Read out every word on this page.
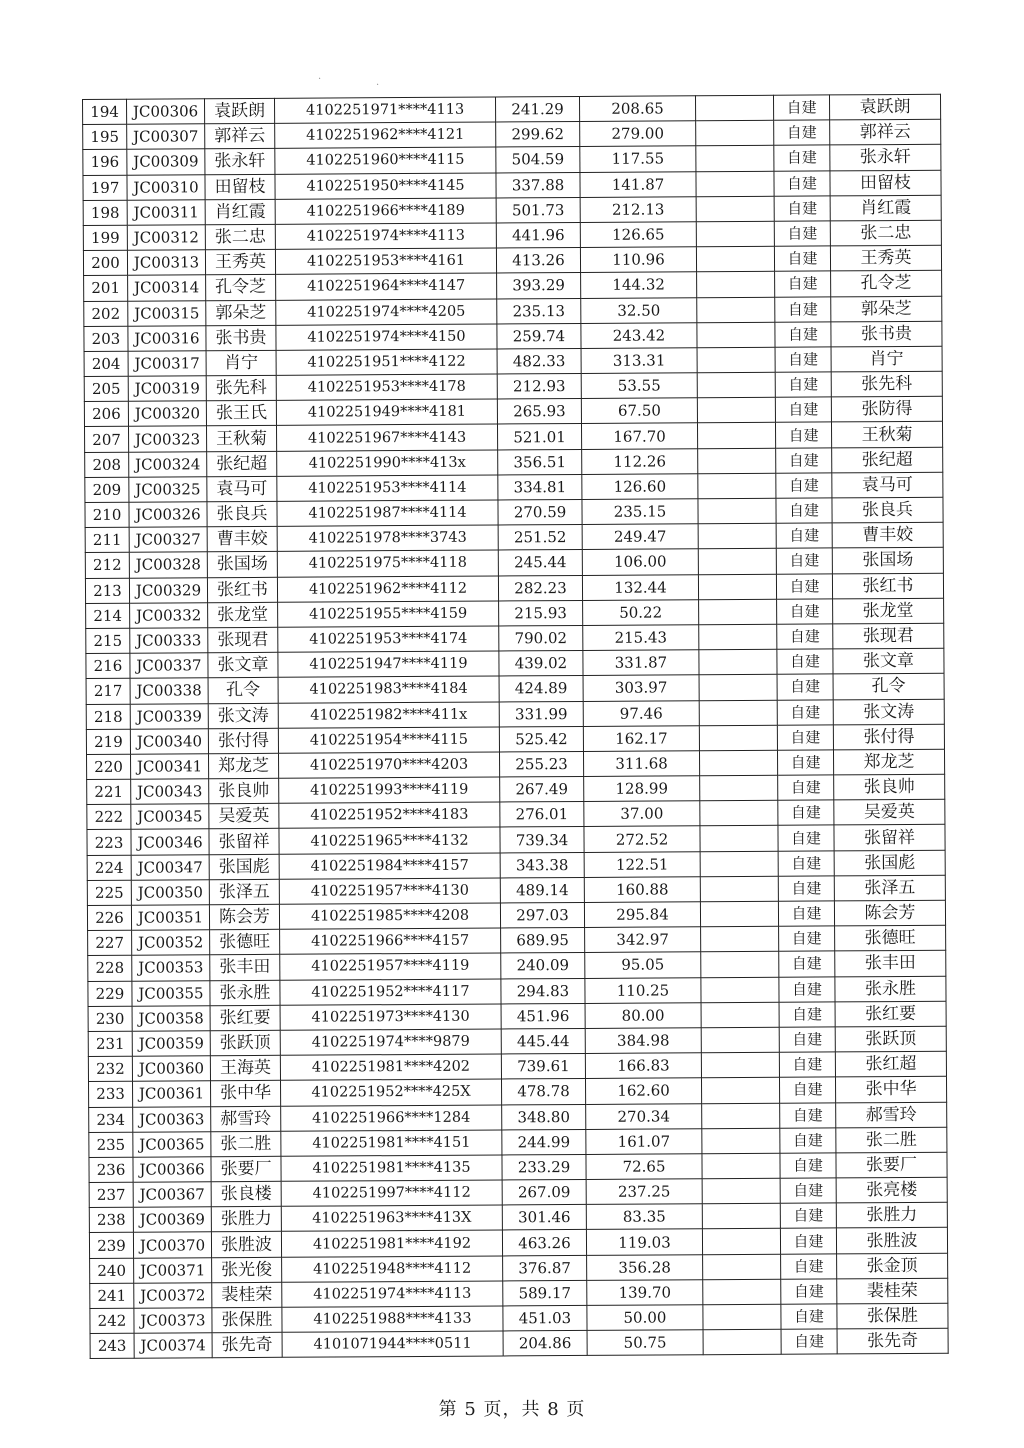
·
·
194	JC00306	袁跃朗	4102251971****4113	241.29	208.65		自建	袁跃朗
195	JC00307	郭祥云	4102251962****4121	299.62	279.00		自建	郭祥云
196	JC00309	张永轩	4102251960****4115	504.59	117.55		自建	张永轩
197	JC00310	田留枝	4102251950****4145	337.88	141.87		自建	田留枝
198	JC00311	肖红霞	4102251966****4189	501.73	212.13		自建	肖红霞
199	JC00312	张二忠	4102251974****4113	441.96	126.65		自建	张二忠
200	JC00313	王秀英	4102251953****4161	413.26	110.96		自建	王秀英
201	JC00314	孔令芝	4102251964****4147	393.29	144.32		自建	孔令芝
202	JC00315	郭朵芝	4102251974****4205	235.13	32.50		自建	郭朵芝
203	JC00316	张书贵	4102251974****4150	259.74	243.42		自建	张书贵
204	JC00317	肖宁	4102251951****4122	482.33	313.31		自建	肖宁
205	JC00319	张先科	4102251953****4178	212.93	53.55		自建	张先科
206	JC00320	张王氏	4102251949****4181	265.93	67.50		自建	张防得
207	JC00323	王秋菊	4102251967****4143	521.01	167.70		自建	王秋菊
208	JC00324	张纪超	4102251990****413x	356.51	112.26		自建	张纪超
209	JC00325	袁马可	4102251953****4114	334.81	126.60		自建	袁马可
210	JC00326	张良兵	4102251987****4114	270.59	235.15		自建	张良兵
211	JC00327	曹丰姣	4102251978****3743	251.52	249.47		自建	曹丰姣
212	JC00328	张国场	4102251975****4118	245.44	106.00		自建	张国场
213	JC00329	张红书	4102251962****4112	282.23	132.44		自建	张红书
214	JC00332	张龙堂	4102251955****4159	215.93	50.22		自建	张龙堂
215	JC00333	张现君	4102251953****4174	790.02	215.43		自建	张现君
216	JC00337	张文章	4102251947****4119	439.02	331.87		自建	张文章
217	JC00338	孔令	4102251983****4184	424.89	303.97		自建	孔令
218	JC00339	张文涛	4102251982****411x	331.99	97.46		自建	张文涛
219	JC00340	张付得	4102251954****4115	525.42	162.17		自建	张付得
220	JC00341	郑龙芝	4102251970****4203	255.23	311.68		自建	郑龙芝
221	JC00343	张良帅	4102251993****4119	267.49	128.99		自建	张良帅
222	JC00345	吴爱英	4102251952****4183	276.01	37.00		自建	吴爱英
223	JC00346	张留祥	4102251965****4132	739.34	272.52		自建	张留祥
224	JC00347	张国彪	4102251984****4157	343.38	122.51		自建	张国彪
225	JC00350	张泽五	4102251957****4130	489.14	160.88		自建	张泽五
226	JC00351	陈会芳	4102251985****4208	297.03	295.84		自建	陈会芳
227	JC00352	张德旺	4102251966****4157	689.95	342.97		自建	张德旺
228	JC00353	张丰田	4102251957****4119	240.09	95.05		自建	张丰田
229	JC00355	张永胜	4102251952****4117	294.83	110.25		自建	张永胜
230	JC00358	张红要	4102251973****4130	451.96	80.00		自建	张红要
231	JC00359	张跃顶	4102251974****9879	445.44	384.98		自建	张跃顶
232	JC00360	王海英	4102251981****4202	739.61	166.83		自建	张红超
233	JC00361	张中华	4102251952****425X	478.78	162.60		自建	张中华
234	JC00363	郝雪玲	4102251966****1284	348.80	270.34		自建	郝雪玲
235	JC00365	张二胜	4102251981****4151	244.99	161.07		自建	张二胜
236	JC00366	张要厂	4102251981****4135	233.29	72.65		自建	张要厂
237	JC00367	张良楼	4102251997****4112	267.09	237.25		自建	张亮楼
238	JC00369	张胜力	4102251963****413X	301.46	83.35		自建	张胜力
239	JC00370	张胜波	4102251981****4192	463.26	119.03		自建	张胜波
240	JC00371	张光俊	4102251948****4112	376.87	356.28		自建	张金顶
241	JC00372	裴桂荣	4102251974****4113	589.17	139.70		自建	裴桂荣
242	JC00373	张保胜	4102251988****4133	451.03	50.00		自建	张保胜
243	JC00374	张先奇	4101071944****0511	204.86	50.75		自建	张先奇
第 5 页，共 8 页
